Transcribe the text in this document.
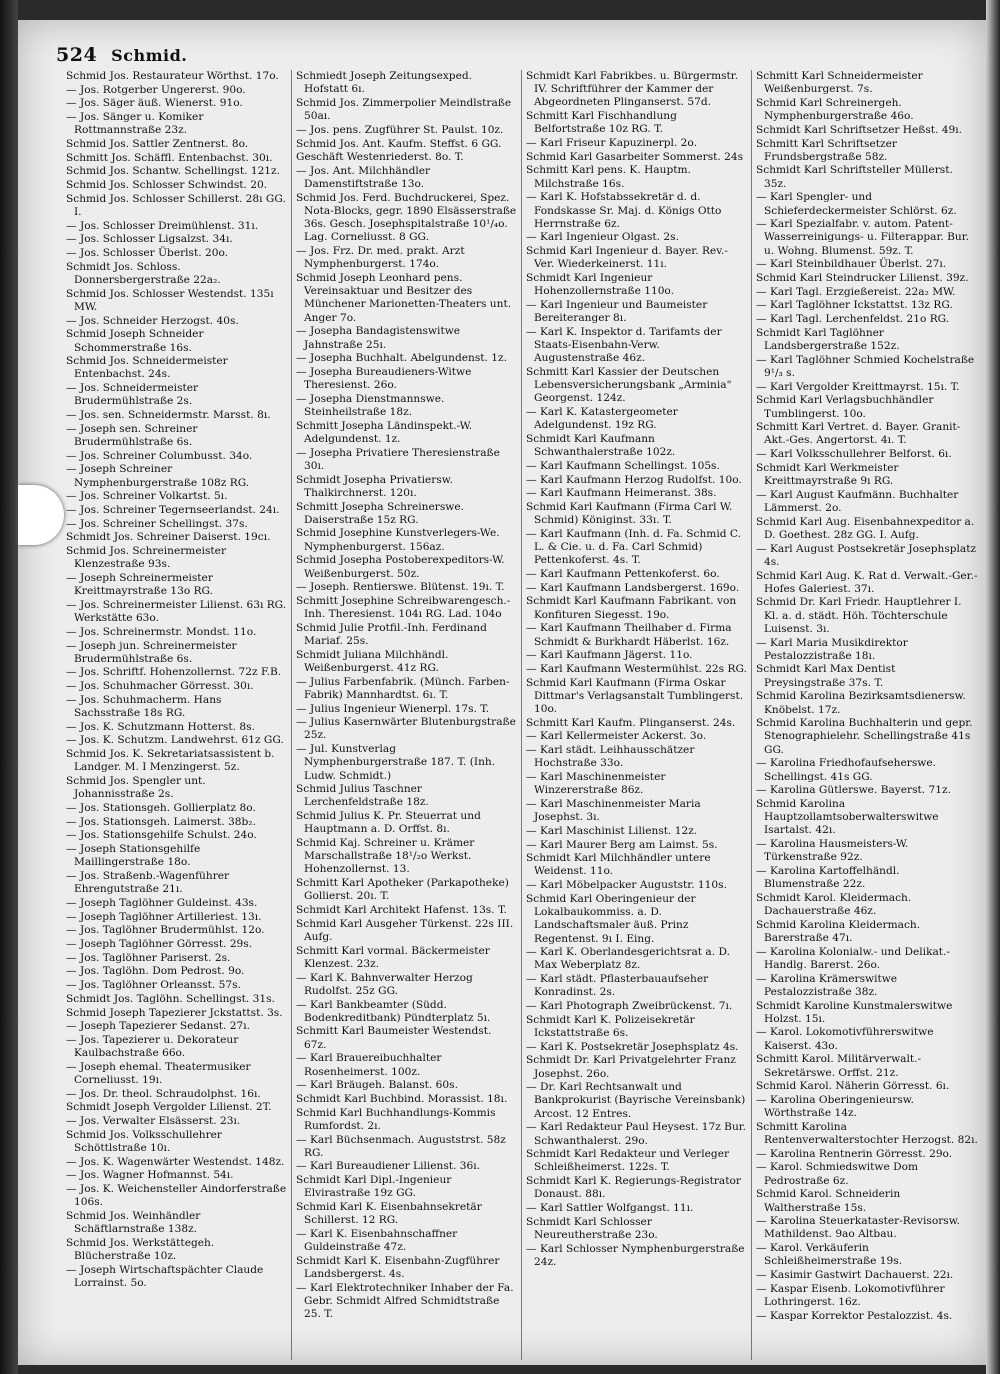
524 Schmid.
Schmid Jos. Restaurateur Wörthst. 17o.
— Jos. Rotgerber Ungererst. 90o.
— Jos. Säger äuß. Wienerst. 91o.
— Jos. Sänger u. Komiker Rottmannstraße 23z.
Schmid Jos. Sattler Zentnerst. 8o.
Schmitt Jos. Schäffl. Entenbachst. 30ı.
Schmid Jos. Schantw. Schellingst. 121z.
Schmid Jos. Schlosser Schwindst. 20.
Schmid Jos. Schlosser Schillerst. 28ı GG. I.
— Jos. Schlosser Dreimühlenst. 31ı.
— Jos. Schlosser Ligsalzst. 34ı.
— Jos. Schlosser Überlst. 20o.
Schmidt Jos. Schloss. Donnersbergerstraße 22a₂.
Schmid Jos. Schlosser Westendst. 135ı MW.
— Jos. Schneider Herzogst. 40s.
Schmid Joseph Schneider Schommerstraße 16s.
Schmid Jos. Schneidermeister Entenbachst. 24s.
— Jos. Schneidermeister Brudermühlstraße 2s.
— Jos. sen. Schneidermstr. Marsst. 8ı.
— Joseph sen. Schreiner Brudermühlstraße 6s.
— Jos. Schreiner Columbusst. 34o.
— Joseph Schreiner Nymphenburgerstraße 108z RG.
— Jos. Schreiner Volkartst. 5ı.
— Jos. Schreiner Tegernseerlandst. 24ı.
— Jos. Schreiner Schellingst. 37s.
Schmidt Jos. Schreiner Daiserst. 19cı.
Schmid Jos. Schreinermeister Klenzestraße 93s.
— Joseph Schreinermeister Kreittmayrstraße 13o RG.
— Jos. Schreinermeister Lilienst. 63ı RG. Werkstätte 63o.
— Jos. Schreinermstr. Mondst. 11o.
— Joseph jun. Schreinermeister Brudermühlstraße 6s.
— Jos. Schriftf. Hohenzollernst. 72z F.B.
— Jos. Schuhmacher Görresst. 30ı.
— Jos. Schuhmacherm. Hans Sachsstraße 18s RG.
— Jos. K. Schutzmann Hotterst. 8s.
— Jos. K. Schutzm. Landwehrst. 61z GG.
Schmid Jos. K. Sekretariatsassistent b. Landger. M. I Menzingerst. 5z.
Schmid Jos. Spengler unt. Johannisstraße 2s.
— Jos. Stationsgeh. Gollierplatz 8o.
— Jos. Stationsgeh. Laimerst. 38b₂.
— Jos. Stationsgehilfe Schulst. 24o.
— Joseph Stationsgehilfe Maillingerstraße 18o.
— Jos. Straßenb.-Wagenführer Ehrengutstraße 21ı.
— Joseph Taglöhner Guldeinst. 43s.
— Joseph Taglöhner Artilleriest. 13ı.
— Jos. Taglöhner Brudermühlst. 12o.
— Joseph Taglöhner Görresst. 29s.
— Jos. Taglöhner Pariserst. 2s.
— Jos. Taglöhn. Dom Pedrost. 9o.
— Jos. Taglöhner Orleansst. 57s.
Schmidt Jos. Taglöhn. Schellingst. 31s.
Schmid Joseph Tapezierer Jckstattst. 3s.
— Joseph Tapezierer Sedanst. 27ı.
— Jos. Tapezierer u. Dekorateur Kaulbachstraße 66o.
— Joseph ehemal. Theatermusiker Corneliusst. 19ı.
— Jos. Dr. theol. Schraudolphst. 16ı.
Schmidt Joseph Vergolder Lilienst. 2T.
— Jos. Verwalter Elsässerst. 23ı.
Schmid Jos. Volksschullehrer Schöttlstraße 10ı.
— Jos. K. Wagenwärter Westendst. 148z.
— Jos. Wagner Hofmannst. 54ı.
— Jos. K. Weichensteller Aindorferstraße 106s.
Schmid Jos. Weinhändler Schäftlarnstraße 138z.
Schmid Jos. Werkstättegeh. Blücherstraße 10z.
— Joseph Wirtschaftspächter Claude Lorrainst. 5o.
Schmiedt Joseph Zeitungsexped. Hofstatt 6ı.
Schmid Jos. Zimmerpolier Meindlstraße 50aı.
— Jos. pens. Zugführer St. Paulst. 10z.
Schmid Jos. Ant. Kaufm. Steffst. 6 GG.
Geschäft Westenriederst. 8o. T.
— Jos. Ant. Milchhändler Damenstiftstraße 13o.
Schmid Jos. Ferd. Buchdruckerei, Spez. Nota-Blocks, gegr. 1890 Elsässerstraße 36s. Gesch. Josephspitalstraße 10¹/₄o. Lag. Corneliusst. 8 GG.
— Jos. Frz. Dr. med. prakt. Arzt Nymphenburgerst. 174o.
Schmid Joseph Leonhard pens. Vereinsaktuar und Besitzer des Münchener Marionetten-Theaters unt. Anger 7o.
— Josepha Bandagistenswitwe Jahnstraße 25ı.
— Josepha Buchhalt. Abelgundenst. 1z.
— Josepha Bureaudieners-Witwe Theresienst. 26o.
— Josepha Dienstmannswe. Steinheilstraße 18z.
Schmitt Josepha Ländinspekt.-W. Adelgundenst. 1z.
— Josepha Privatiere Theresienstraße 30ı.
Schmidt Josepha Privatiersw. Thalkirchnerst. 120ı.
Schmitt Josepha Schreinerswe. Daiserstraße 15z RG.
Schmid Josephine Kunstverlegers-We. Nymphenburgerst. 156az.
Schmid Josepha Postoberexpeditors-W. Weißenburgerst. 50z.
— Joseph. Rentierswe. Blütenst. 19ı. T.
Schmitt Josephine Schreibwarengesch.-Inh. Theresienst. 104ı RG. Lad. 104o
Schmid Julie Protfil.-Inh. Ferdinand Mariaf. 25s.
Schmidt Juliana Milchhändl. Weißenburgerst. 41z RG.
— Julius Farbenfabrik. (Münch. Farben-Fabrik) Mannhardtst. 6ı. T.
— Julius Ingenieur Wienerpl. 17s. T.
— Julius Kasernwärter Blutenburgstraße 25z.
— Jul. Kunstverlag Nymphenburgerstraße 187. T. (Inh. Ludw. Schmidt.)
Schmid Julius Taschner Lerchenfeldstraße 18z.
Schmid Julius K. Pr. Steuerrat und Hauptmann a. D. Orffst. 8ı.
Schmid Kaj. Schreiner u. Krämer Marschallstraße 18¹/₂o Werkst. Hohenzollernst. 13.
Schmitt Karl Apotheker (Parkapotheke) Gollierst. 20ı. T.
Schmidt Karl Architekt Hafenst. 13s. T.
Schmid Karl Ausgeher Türkenst. 22s III. Aufg.
Schmitt Karl vormal. Bäckermeister Klenzest. 23z.
— Karl K. Bahnverwalter Herzog Rudolfst. 25z GG.
— Karl Bankbeamter (Südd. Bodenkreditbank) Pündterplatz 5ı.
Schmitt Karl Baumeister Westendst. 67z.
— Karl Brauereibuchhalter Rosenheimerst. 100z.
— Karl Bräugeh. Balanst. 60s.
Schmidt Karl Buchbind. Morassist. 18ı.
Schmid Karl Buchhandlungs-Kommis Rumfordst. 2ı.
— Karl Büchsenmach. Auguststrst. 58z RG.
— Karl Bureaudiener Lilienst. 36ı.
Schmidt Karl Dipl.-Ingenieur Elvirastraße 19z GG.
Schmid Karl K. Eisenbahnsekretär Schillerst. 12 RG.
— Karl K. Eisenbahnschaffner Guldeinstraße 47z.
Schmidt Karl K. Eisenbahn-Zugführer Landsbergerst. 4s.
— Karl Elektrotechniker Inhaber der Fa. Gebr. Schmidt Alfred Schmidtstraße 25. T.
Schmidt Karl Fabrikbes. u. Bürgermstr. IV. Schriftführer der Kammer der Abgeordneten Plinganserst. 57d.
Schmitt Karl Fischhandlung Belfortstraße 10z RG. T.
— Karl Friseur Kapuzinerpl. 2o.
Schmid Karl Gasarbeiter Sommerst. 24s
Schmitt Karl pens. K. Hauptm. Milchstraße 16s.
— Karl K. Hofstabssekretär d. d. Fondskasse Sr. Maj. d. Königs Otto Herrnstraße 6z.
— Karl Ingenieur Olgast. 2s.
Schmid Karl Ingenieur d. Bayer. Rev.-Ver. Wiederkeinerst. 11ı.
Schmidt Karl Ingenieur Hohenzollernstraße 110o.
— Karl Ingenieur und Baumeister Bereiteranger 8ı.
— Karl K. Inspektor d. Tarifamts der Staats-Eisenbahn-Verw. Augustenstraße 46z.
Schmitt Karl Kassier der Deutschen Lebensversicherungsbank „Arminia" Georgenst. 124z.
— Karl K. Katastergeometer Adelgundenst. 19z RG.
Schmidt Karl Kaufmann Schwanthalerstraße 102z.
— Karl Kaufmann Schellingst. 105s.
— Karl Kaufmann Herzog Rudolfst. 10o.
— Karl Kaufmann Heimeranst. 38s.
Schmid Karl Kaufmann (Firma Carl W. Schmid) Königinst. 33ı. T.
— Karl Kaufmann (Inh. d. Fa. Schmid C. L. & Cie. u. d. Fa. Carl Schmid) Pettenkoferst. 4s. T.
— Karl Kaufmann Pettenkoferst. 6o.
— Karl Kaufmann Landsbergerst. 169o.
Schmidt Karl Kaufmann Fabrikant. von Konfituren Siegesst. 19o.
— Karl Kaufmann Theilhaber d. Firma Schmidt & Burkhardt Häberlst. 16z.
— Karl Kaufmann Jägerst. 11o.
— Karl Kaufmann Westermühlst. 22s RG.
Schmid Karl Kaufmann (Firma Oskar Dittmar's Verlagsanstalt Tumblingerst. 10o.
Schmitt Karl Kaufm. Plinganserst. 24s.
— Karl Kellermeister Ackerst. 3o.
— Karl städt. Leihhausschätzer Hochstraße 33o.
— Karl Maschinenmeister Winzererstraße 86z.
— Karl Maschinenmeister Maria Josephst. 3ı.
— Karl Maschinist Lilienst. 12z.
— Karl Maurer Berg am Laimst. 5s.
Schmidt Karl Milchhändler untere Weidenst. 11o.
— Karl Möbelpacker Auguststr. 110s.
Schmid Karl Oberingenieur der Lokalbaukommiss. a. D. Landschaftsmaler äuß. Prinz Regentenst. 9ı I. Eing.
— Karl K. Oberlandesgerichtsrat a. D. Max Weberplatz 8z.
— Karl städt. Pflasterbauaufseher Konradinst. 2s.
— Karl Photograph Zweibrückenst. 7ı.
Schmidt Karl K. Polizeisekretär Ickstattstraße 6s.
— Karl K. Postsekretär Josephsplatz 4s.
Schmidt Dr. Karl Privatgelehrter Franz Josephst. 26o.
— Dr. Karl Rechtsanwalt und Bankprokurist (Bayrische Vereinsbank) Arcost. 12 Entres.
— Karl Redakteur Paul Heysest. 17z Bur. Schwanthalerst. 29o.
Schmidt Karl Redakteur und Verleger Schleißheimerst. 122s. T.
Schmidt Karl K. Regierungs-Registrator Donaust. 88ı.
— Karl Sattler Wolfgangst. 11ı.
Schmidt Karl Schlosser Neureutherstraße 23o.
— Karl Schlosser Nymphenburgerstraße 24z.
Schmitt Karl Schneidermeister Weißenburgerst. 7s.
Schmid Karl Schreinergeh. Nymphenburgerstraße 46o.
Schmidt Karl Schriftsetzer Heßst. 49ı.
Schmitt Karl Schriftsetzer Frundsbergstraße 58z.
Schmidt Karl Schriftsteller Müllerst. 35z.
— Karl Spengler- und Schieferdeckermeister Schlörst. 6z.
— Karl Spezialfabr. v. autom. Patent-Wasserreinigungs- u. Filterappar. Bur. u. Wohng. Blumenst. 59z. T.
— Karl Steinbildhauer Überlst. 27ı.
Schmid Karl Steindrucker Lilienst. 39z.
— Karl Tagl. Erzgießereist. 22a₂ MW.
— Karl Taglöhner Ickstattst. 13z RG.
— Karl Tagl. Lerchenfeldst. 21o RG.
Schmidt Karl Taglöhner Landsbergerstraße 152z.
— Karl Taglöhner Schmied Kochelstraße 9¹/₃ s.
— Karl Vergolder Kreittmayrst. 15ı. T.
Schmid Karl Verlagsbuchhändler Tumblingerst. 10o.
Schmitt Karl Vertret. d. Bayer. Granit-Akt.-Ges. Angertorst. 4ı. T.
— Karl Volksschullehrer Belforst. 6ı.
Schmidt Karl Werkmeister Kreittmayrstraße 9ı RG.
— Karl August Kaufmänn. Buchhalter Lämmerst. 2o.
Schmid Karl Aug. Eisenbahnexpeditor a. D. Goethest. 28z GG. I. Aufg.
— Karl August Postsekretär Josephsplatz 4s.
Schmid Karl Aug. K. Rat d. Verwalt.-Ger.-Hofes Galeriest. 37ı.
Schmid Dr. Karl Friedr. Hauptlehrer I. Kl. a. d. städt. Höh. Töchterschule Luisenst. 3ı.
— Karl Maria Musikdirektor Pestalozzistraße 18ı.
Schmidt Karl Max Dentist Preysingstraße 37s. T.
Schmid Karolina Bezirksamtsdienersw. Knöbelst. 17z.
Schmid Karolina Buchhalterin und gepr. Stenographielehr. Schellingstraße 41s GG.
— Karolina Friedhofaufseherswe. Schellingst. 41s GG.
— Karolina Gütlerswe. Bayerst. 71z.
Schmid Karolina Hauptzollamtsoberwalterswitwe Isartalst. 42ı.
— Karolina Hausmeisters-W. Türkenstraße 92z.
— Karolina Kartoffelhändl. Blumenstraße 22z.
Schmidt Karol. Kleidermach. Dachauerstraße 46z.
Schmid Karolina Kleidermach. Barerstraße 47ı.
— Karolina Kolonialw.- und Delikat.-Handlg. Barerst. 26o.
— Karolina Krämerswitwe Pestalozzistraße 38z.
Schmidt Karoline Kunstmalerswitwe Holzst. 15ı.
— Karol. Lokomotivführerswitwe Kaiserst. 43o.
Schmitt Karol. Militärverwalt.-Sekretärswe. Orffst. 21z.
Schmid Karol. Näherin Görresst. 6ı.
— Karolina Oberingenieursw. Wörthstraße 14z.
Schmitt Karolina Rentenverwalterstochter Herzogst. 82ı.
— Karolina Rentnerin Görresst. 29o.
— Karol. Schmiedswitwe Dom Pedrostraße 6z.
Schmid Karol. Schneiderin Waltherstraße 15s.
— Karolina Steuerkataster-Revisorsw. Mathildenst. 9ao Altbau.
— Karol. Verkäuferin Schleißheimerstraße 19s.
— Kasimir Gastwirt Dachauerst. 22ı.
— Kaspar Eisenb. Lokomotivführer Lothringerst. 16z.
— Kaspar Korrektor Pestalozzist. 4s.
